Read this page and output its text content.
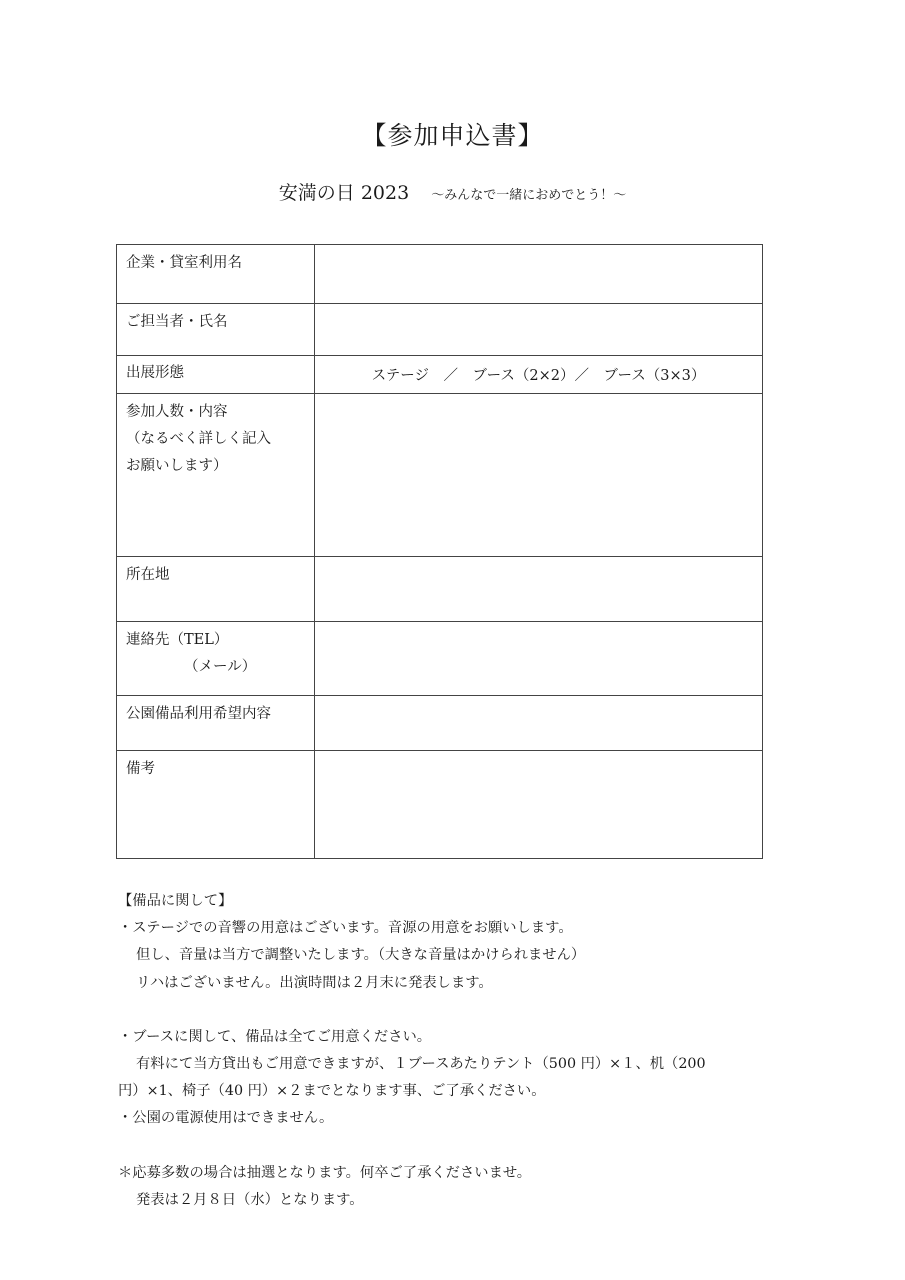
【参加申込書】
安満の日 2023 ～みんなで一緒におめでとう！～
企業・貸室利用名	
ご担当者・氏名	
出展形態	ステージ　／　ブース（2×2）／　ブース（3×3）

参加人数・内容
（なるべく詳しく記入
お願いします）	

所在地	

連絡先（TEL）
（メール）	

公園備品利用希望内容	
備考	

【備品に関して】

・ステージでの音響の用意はございます。音源の用意をお願いします。

但し、音量は当方で調整いたします。（大きな音量はかけられません）

リハはございません。出演時間は２月末に発表します。

・ブースに関して、備品は全てご用意ください。

有料にて当方貸出もご用意できますが、１ブースあたりテント（500 円）×１、机（200

円）×1、椅子（40 円）×２までとなります事、ご了承ください。

・公園の電源使用はできません。

＊応募多数の場合は抽選となります。何卒ご了承くださいませ。

発表は２月８日（水）となります。
